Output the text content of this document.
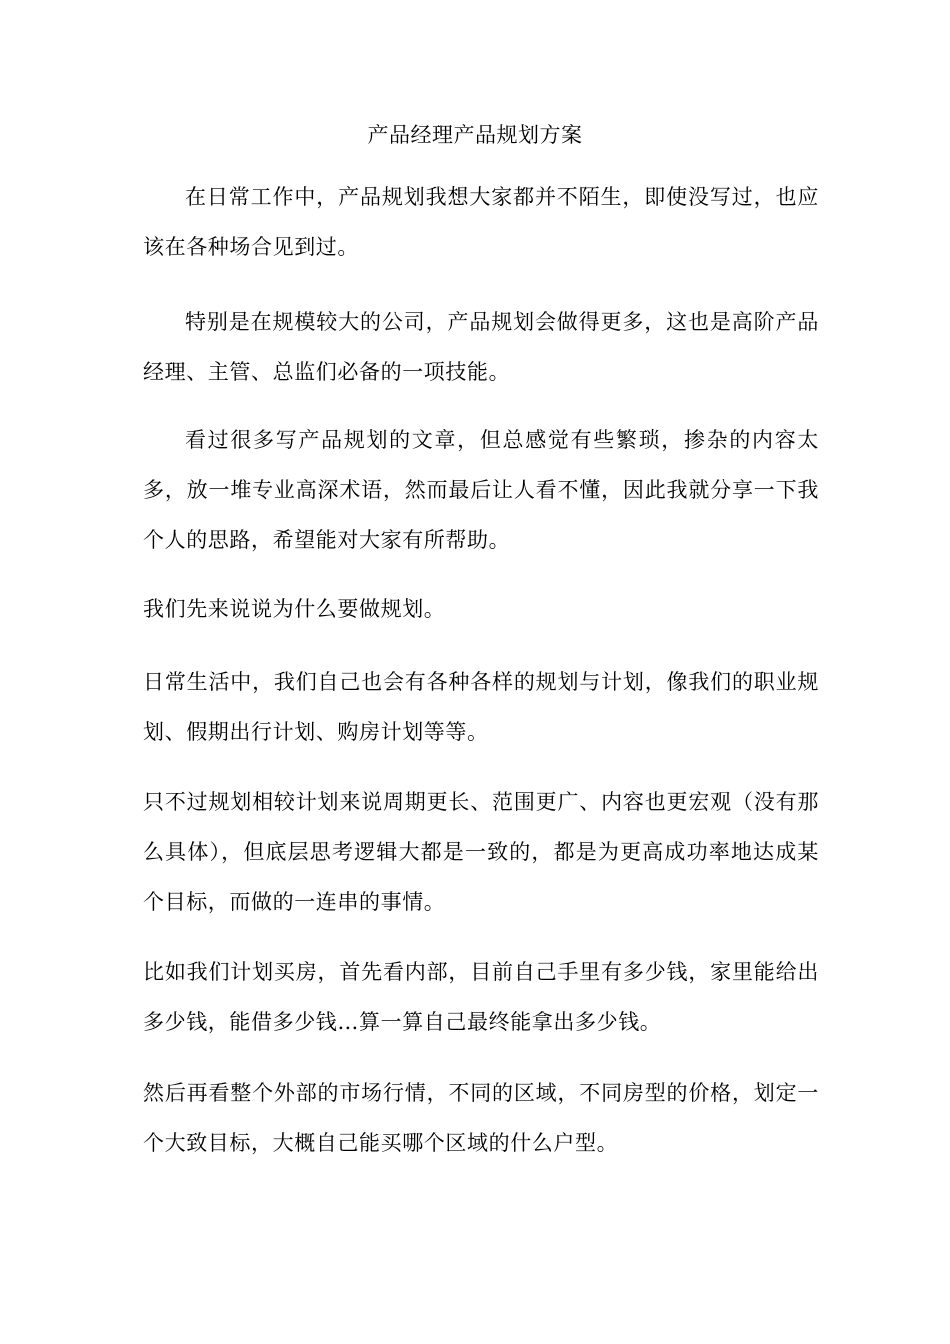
产品经理产品规划方案

在日常工作中，产品规划我想大家都并不陌生，即使没写过，也应该在各种场合见到过。

特别是在规模较大的公司，产品规划会做得更多，这也是高阶产品经理、主管、总监们必备的一项技能。

看过很多写产品规划的文章，但总感觉有些繁琐，掺杂的内容太多，放一堆专业高深术语，然而最后让人看不懂，因此我就分享一下我个人的思路，希望能对大家有所帮助。

我们先来说说为什么要做规划。

日常生活中，我们自己也会有各种各样的规划与计划，像我们的职业规划、假期出行计划、购房计划等等。

只不过规划相较计划来说周期更长、范围更广、内容也更宏观（没有那么具体），但底层思考逻辑大都是一致的，都是为更高成功率地达成某个目标，而做的一连串的事情。

比如我们计划买房，首先看内部，目前自己手里有多少钱，家里能给出多少钱，能借多少钱…算一算自己最终能拿出多少钱。

然后再看整个外部的市场行情，不同的区域，不同房型的价格，划定一个大致目标，大概自己能买哪个区域的什么户型。
